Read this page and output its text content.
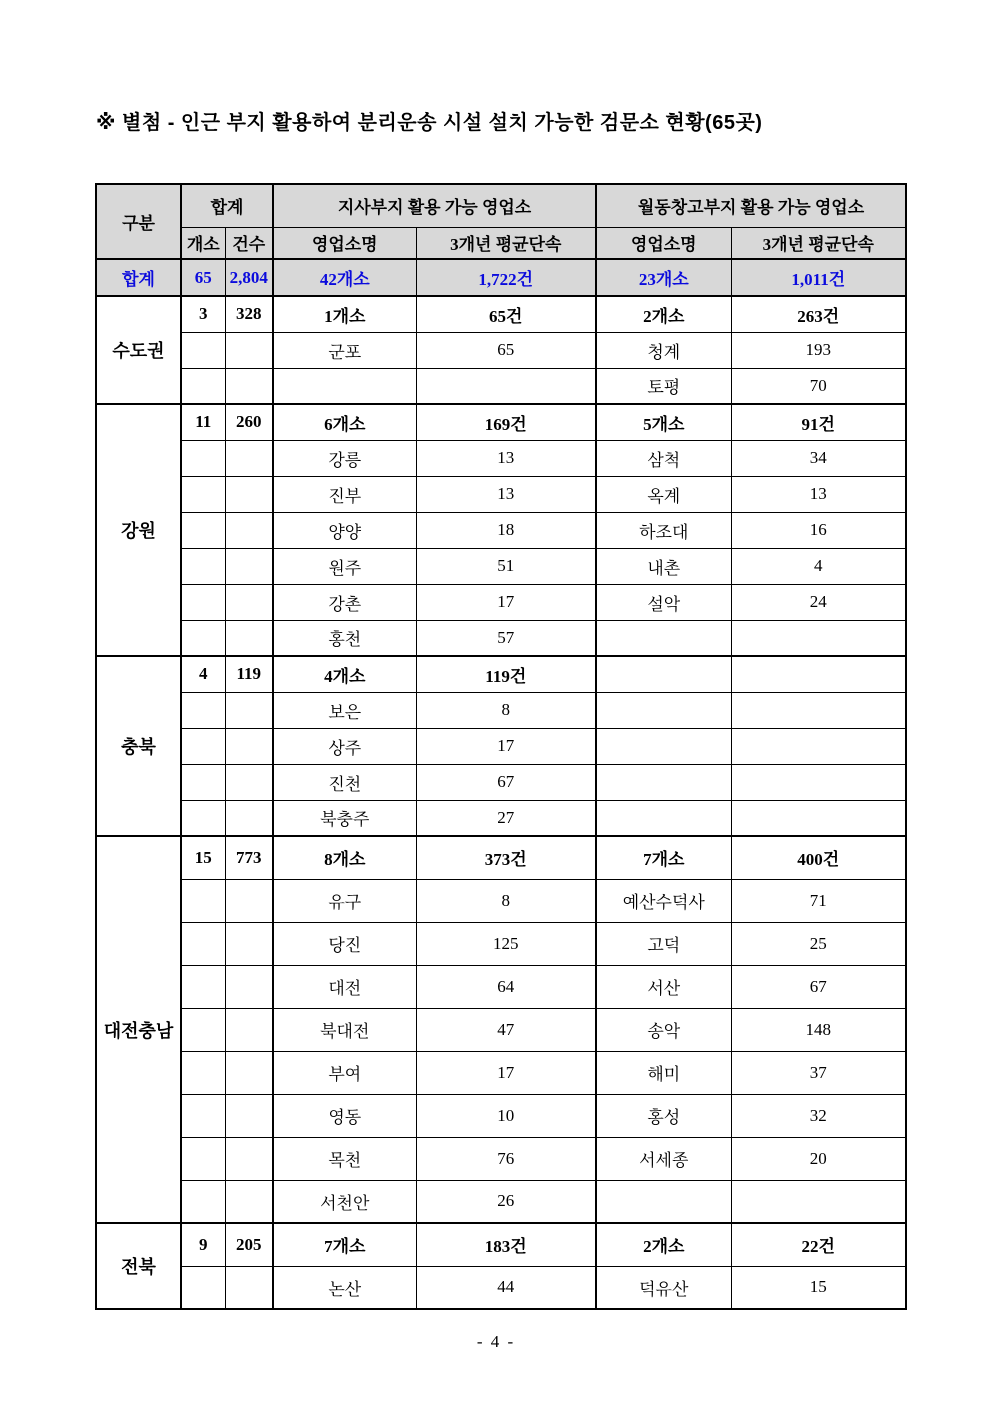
※ 별첨 - 인근 부지 활용하여 분리운송 시설 설치 가능한 검문소 현황(65곳)
구분	합계		지사부지 활용 가능 영업소		월동창고부지 활용 가능 영업소	
	개소	건수	영업소명	3개년 평균단속	영업소명	3개년 평균단속
합계	65	2,804	42개소	1,722건	23개소	1,011건
수도권	3	328	1개소	65건	2개소	263건
			군포	65	청계	193
					토평	70
강원	11	260	6개소	169건	5개소	91건
			강릉	13	삼척	34
			진부	13	옥계	13
			양양	18	하조대	16
			원주	51	내촌	4
			강촌	17	설악	24
			홍천	57		
충북	4	119	4개소	119건		
			보은	8		
			상주	17		
			진천	67		
			북충주	27		
대전충남	15	773	8개소	373건	7개소	400건
			유구	8	예산수덕사	71
			당진	125	고덕	25
			대전	64	서산	67
			북대전	47	송악	148
			부여	17	해미	37
			영동	10	홍성	32
			목천	76	서세종	20
			서천안	26		
전북	9	205	7개소	183건	2개소	22건
			논산	44	덕유산	15
- 4 -
